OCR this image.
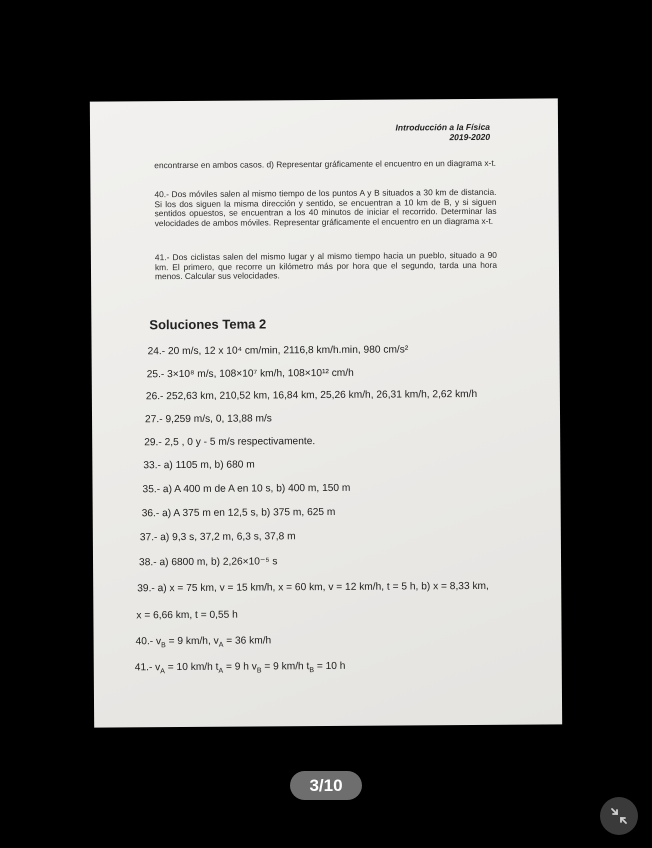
Introducción a la Física
2019-2020
encontrarse en ambos casos. d) Representar gráficamente el encuentro en un diagrama x-t.
40.- Dos móviles salen al mismo tiempo de los puntos A y B situados a 30 km de distancia. Si los dos siguen la misma dirección y sentido, se encuentran a 10 km de B, y si siguen sentidos opuestos, se encuentran a los 40 minutos de iniciar el recorrido. Determinar las velocidades de ambos móviles. Representar gráficamente el encuentro en un diagrama x-t.
41.- Dos ciclistas salen del mismo lugar y al mismo tiempo hacia un pueblo, situado a 90 km. El primero, que recorre un kilómetro más por hora que el segundo, tarda una hora menos. Calcular sus velocidades.
Soluciones Tema 2
24.- 20 m/s, 12 x 10⁴ cm/min, 2116,8 km/h.min, 980 cm/s²
25.- 3×10⁸ m/s, 108×10⁷ km/h, 108×10¹² cm/h
26.- 252,63 km, 210,52 km, 16,84 km, 25,26 km/h, 26,31 km/h, 2,62 km/h
27.- 9,259 m/s, 0, 13,88 m/s
29.- 2,5 , 0 y - 5 m/s respectivamente.
33.- a) 1105 m, b) 680 m
35.- a) A 400 m de A en 10 s, b) 400 m, 150 m
36.- a) A 375 m en 12,5 s, b) 375 m, 625 m
37.- a) 9,3 s, 37,2 m, 6,3 s, 37,8 m
38.- a) 6800 m, b) 2,26×10⁻⁵ s
39.- a) x = 75 km, v = 15 km/h, x = 60 km, v = 12 km/h, t = 5 h, b) x = 8,33 km,
x = 6,66 km, t = 0,55 h
40.- $v_B = 9$ km/h, $v_A = 36$ km/h
41.- $v_A = 10$ km/h $t_A = 9$ h $v_B = 9$ km/h $t_B = 10$ h
3/10
